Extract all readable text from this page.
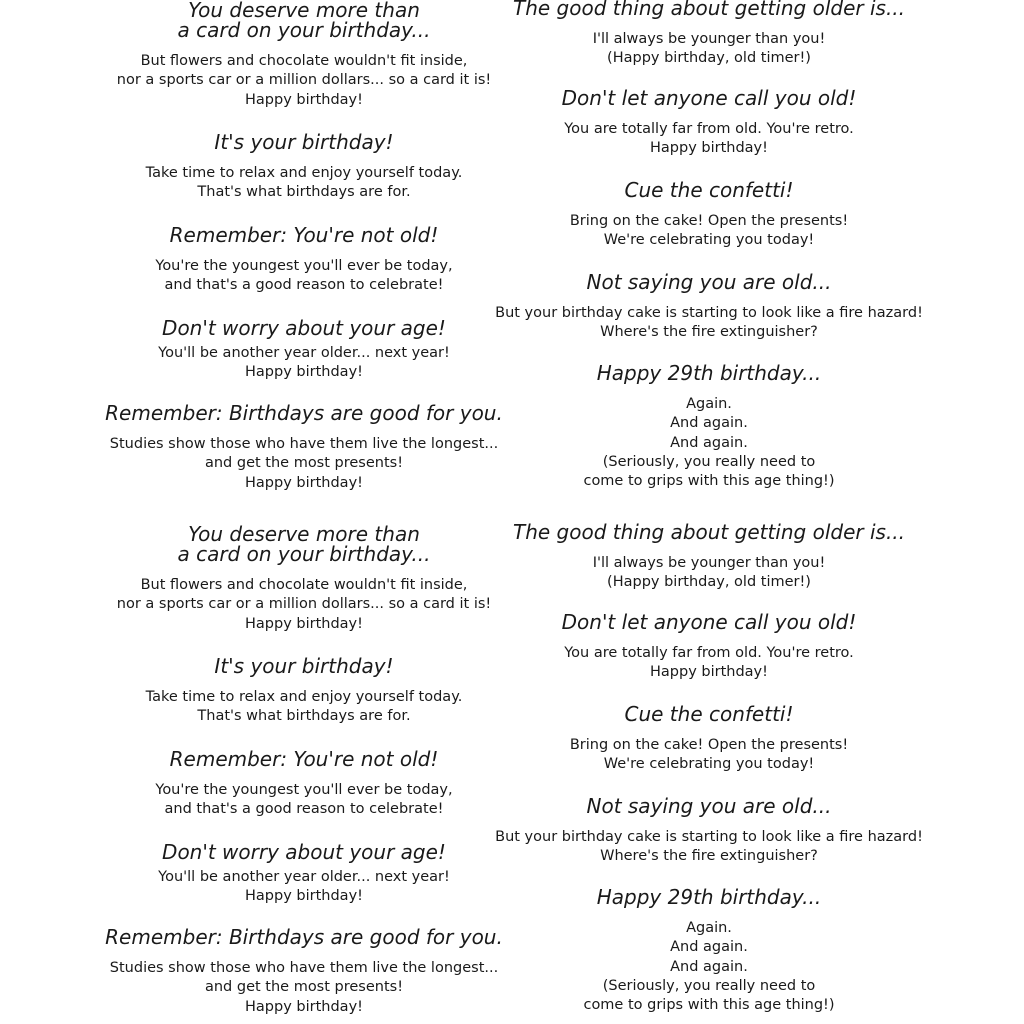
You deserve more than
a card on your birthday...
But flowers and chocolate wouldn't fit inside,
nor a sports car or a million dollars... so a card it is!
Happy birthday!
It's your birthday!
Take time to relax and enjoy yourself today.
That's what birthdays are for.
Remember: You're not old!
You're the youngest you'll ever be today,
and that's a good reason to celebrate!
Don't worry about your age!
You'll be another year older... next year!
Happy birthday!
Remember: Birthdays are good for you.
Studies show those who have them live the longest...
and get the most presents!
Happy birthday!
You deserve more than
a card on your birthday...
But flowers and chocolate wouldn't fit inside,
nor a sports car or a million dollars... so a card it is!
Happy birthday!
It's your birthday!
Take time to relax and enjoy yourself today.
That's what birthdays are for.
Remember: You're not old!
You're the youngest you'll ever be today,
and that's a good reason to celebrate!
Don't worry about your age!
You'll be another year older... next year!
Happy birthday!
Remember: Birthdays are good for you.
Studies show those who have them live the longest...
and get the most presents!
Happy birthday!
The good thing about getting older is...
I'll always be younger than you!
(Happy birthday, old timer!)
Don't let anyone call you old!
You are totally far from old. You're retro.
Happy birthday!
Cue the confetti!
Bring on the cake! Open the presents!
We're celebrating you today!
Not saying you are old...
But your birthday cake is starting to look like a fire hazard!
Where's the fire extinguisher?
Happy 29th birthday...
Again.
And again.
And again.
(Seriously, you really need to
come to grips with this age thing!)
The good thing about getting older is...
I'll always be younger than you!
(Happy birthday, old timer!)
Don't let anyone call you old!
You are totally far from old. You're retro.
Happy birthday!
Cue the confetti!
Bring on the cake! Open the presents!
We're celebrating you today!
Not saying you are old...
But your birthday cake is starting to look like a fire hazard!
Where's the fire extinguisher?
Happy 29th birthday...
Again.
And again.
And again.
(Seriously, you really need to
come to grips with this age thing!)
